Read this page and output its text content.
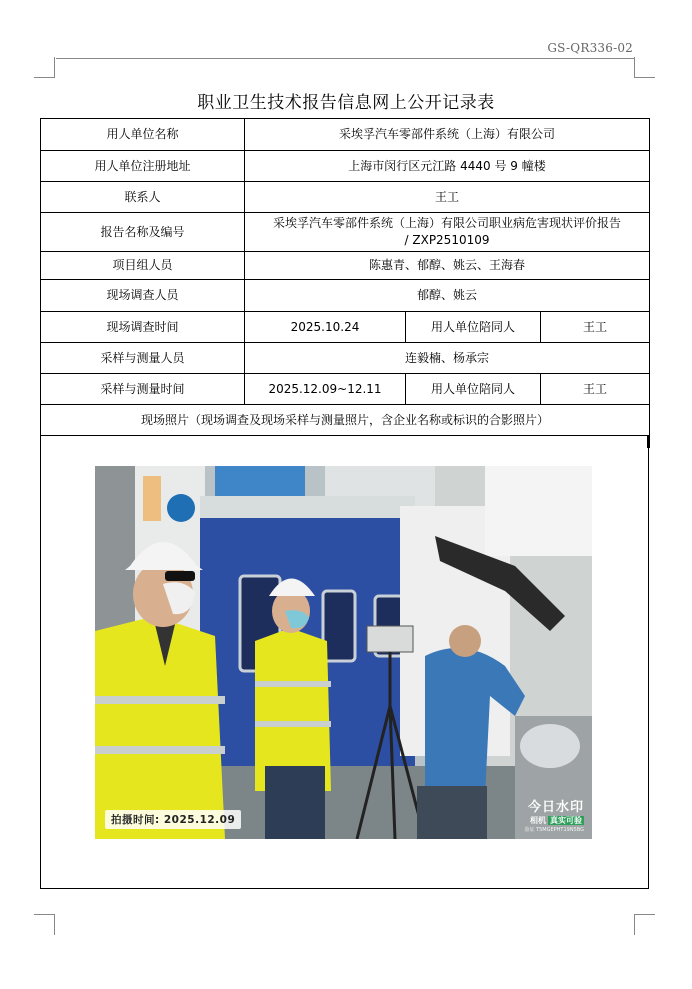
GS-QR336-02
职业卫生技术报告信息网上公开记录表
用人单位名称	采埃孚汽车零部件系统（上海）有限公司		
用人单位注册地址	上海市闵行区元江路 4440 号 9 幢楼		
联系人	王工		
报告名称及编号	采埃孚汽车零部件系统（上海）有限公司职业病危害现状评价报告
/ ZXP2510109		

项目组人员	陈惠青、郁醇、姚云、王海春		
现场调查人员	郁醇、姚云		
现场调查时间	2025.10.24	用人单位陪同人	王工
采样与测量人员	连毅楠、杨承宗		
采样与测量时间	2025.12.09~12.11	用人单位陪同人	王工
现场照片（现场调查及现场采样与测量照片，含企业名称或标识的合影照片）			
拍摄时间: 2025.12.09
今日水印
相机 真实可验
验证 T5MGEPHT19N5BG
